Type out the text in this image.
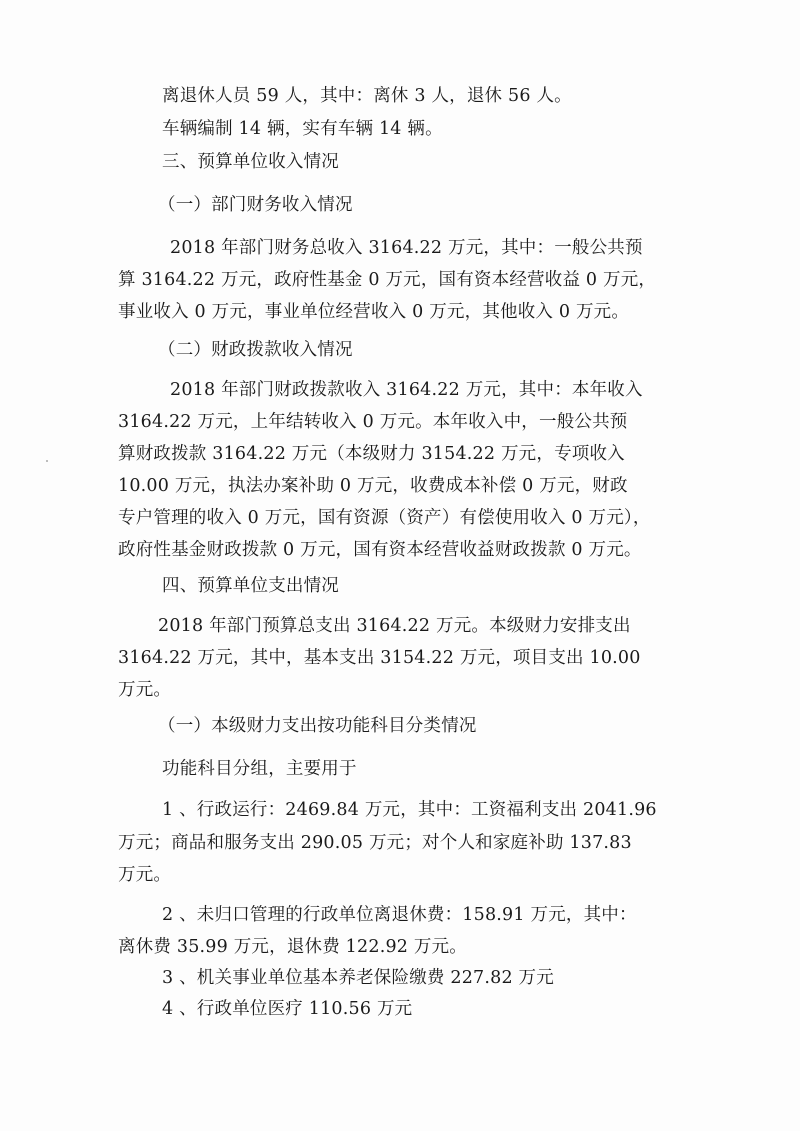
离退休人员 59 人，其中：离休 3 人，退休 56 人。
车辆编制 14 辆，实有车辆 14 辆。
三、预算单位收入情况
（一）部门财务收入情况
2018 年部门财务总收入 3164.22 万元，其中：一般公共预
算 3164.22 万元，政府性基金 0 万元，国有资本经营收益 0 万元，
事业收入 0 万元，事业单位经营收入 0 万元，其他收入 0 万元。
（二）财政拨款收入情况
2018 年部门财政拨款收入 3164.22 万元，其中：本年收入
3164.22 万元，上年结转收入 0 万元。本年收入中，一般公共预
算财政拨款 3164.22 万元（本级财力 3154.22 万元，专项收入
10.00 万元，执法办案补助 0 万元，收费成本补偿 0 万元，财政
专户管理的收入 0 万元，国有资源（资产）有偿使用收入 0 万元），
政府性基金财政拨款 0 万元，国有资本经营收益财政拨款 0 万元。
四、预算单位支出情况
2018 年部门预算总支出 3164.22 万元。本级财力安排支出
3164.22 万元，其中，基本支出 3154.22 万元，项目支出 10.00
万元。
（一）本级财力支出按功能科目分类情况
功能科目分组，主要用于
1 、行政运行：2469.84 万元，其中：工资福利支出 2041.96
万元；商品和服务支出 290.05 万元；对个人和家庭补助 137.83
万元。
2 、未归口管理的行政单位离退休费：158.91 万元，其中：
离休费 35.99 万元，退休费 122.92 万元。
3 、机关事业单位基本养老保险缴费 227.82 万元
4 、行政单位医疗 110.56 万元
